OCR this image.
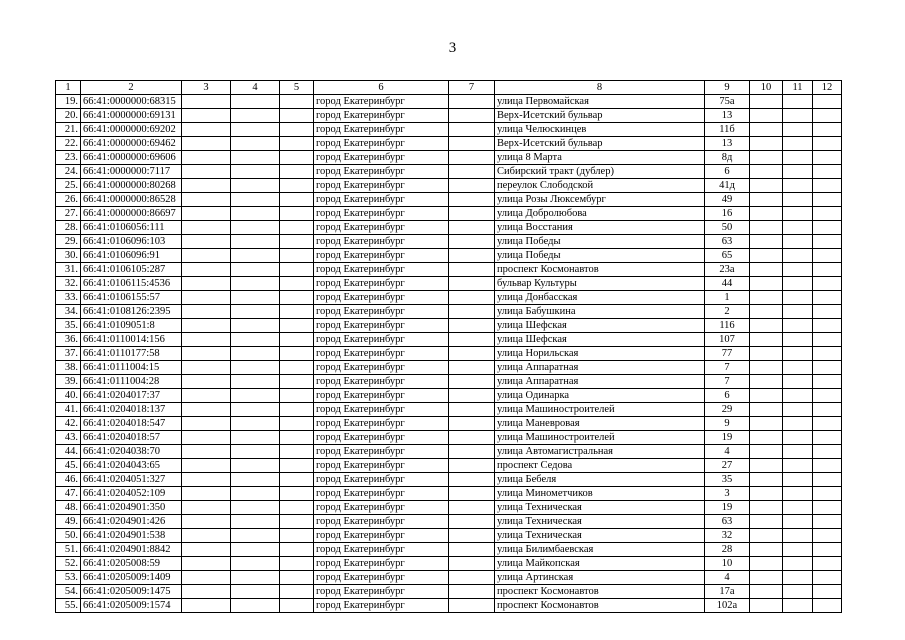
3
1	2	3	4	5	6	7	8	9	10	11	12
19.	66:41:0000000:68315				город Екатеринбург		улица Первомайская	75а			
20.	66:41:0000000:69131				город Екатеринбург		Верх-Исетский бульвар	13			
21.	66:41:0000000:69202				город Екатеринбург		улица Челюскинцев	11б			
22.	66:41:0000000:69462				город Екатеринбург		Верх-Исетский бульвар	13			
23.	66:41:0000000:69606				город Екатеринбург		улица 8 Марта	8д			
24.	66:41:0000000:7117				город Екатеринбург		Сибирский тракт (дублер)	6			
25.	66:41:0000000:80268				город Екатеринбург		переулок Слободской	41д			
26.	66:41:0000000:86528				город Екатеринбург		улица Розы Люксембург	49			
27.	66:41:0000000:86697				город Екатеринбург		улица Добролюбова	16			
28.	66:41:0106056:111				город Екатеринбург		улица Восстания	50			
29.	66:41:0106096:103				город Екатеринбург		улица Победы	63			
30.	66:41:0106096:91				город Екатеринбург		улица Победы	65			
31.	66:41:0106105:287				город Екатеринбург		проспект Космонавтов	23а			
32.	66:41:0106115:4536				город Екатеринбург		бульвар Культуры	44			
33.	66:41:0106155:57				город Екатеринбург		улица Донбасская	1			
34.	66:41:0108126:2395				город Екатеринбург		улица Бабушкина	2			
35.	66:41:0109051:8				город Екатеринбург		улица Шефская	116			
36.	66:41:0110014:156				город Екатеринбург		улица Шефская	107			
37.	66:41:0110177:58				город Екатеринбург		улица Норильская	77			
38.	66:41:0111004:15				город Екатеринбург		улица Аппаратная	7			
39.	66:41:0111004:28				город Екатеринбург		улица Аппаратная	7			
40.	66:41:0204017:37				город Екатеринбург		улица Одинарка	6			
41.	66:41:0204018:137				город Екатеринбург		улица Машиностроителей	29			
42.	66:41:0204018:547				город Екатеринбург		улица Маневровая	9			
43.	66:41:0204018:57				город Екатеринбург		улица Машиностроителей	19			
44.	66:41:0204038:70				город Екатеринбург		улица Автомагистральная	4			
45.	66:41:0204043:65				город Екатеринбург		проспект Седова	27			
46.	66:41:0204051:327				город Екатеринбург		улица Бебеля	35			
47.	66:41:0204052:109				город Екатеринбург		улица Минометчиков	3			
48.	66:41:0204901:350				город Екатеринбург		улица Техническая	19			
49.	66:41:0204901:426				город Екатеринбург		улица Техническая	63			
50.	66:41:0204901:538				город Екатеринбург		улица Техническая	32			
51.	66:41:0204901:8842				город Екатеринбург		улица Билимбаевская	28			
52.	66:41:0205008:59				город Екатеринбург		улица Майкопская	10			
53.	66:41:0205009:1409				город Екатеринбург		улица Артинская	4			
54.	66:41:0205009:1475				город Екатеринбург		проспект Космонавтов	17а			
55.	66:41:0205009:1574				город Екатеринбург		проспект Космонавтов	102а			
